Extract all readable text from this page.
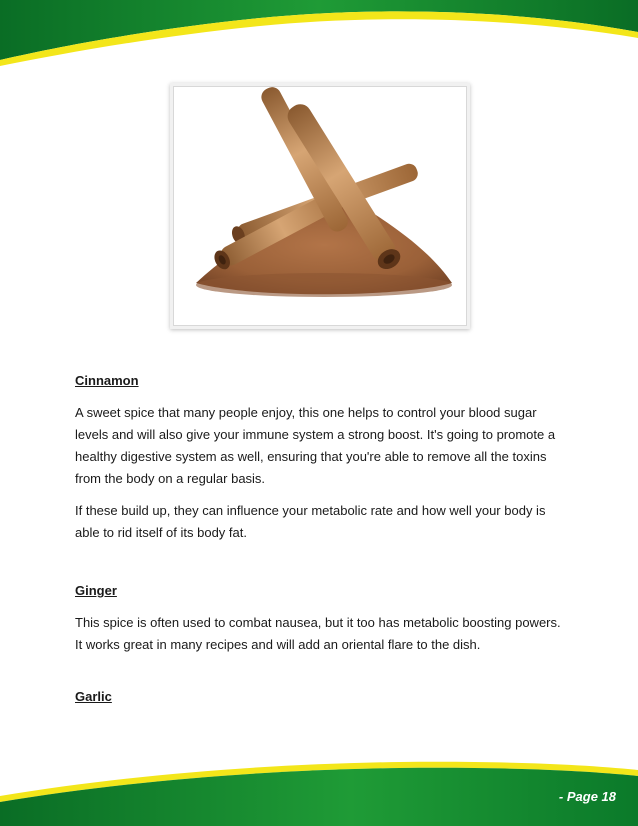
Cinnamon

A sweet spice that many people enjoy, this one helps to control your blood sugar levels and will also give your immune system a strong boost. It's going to promote a healthy digestive system as well, ensuring that you're able to remove all the toxins from the body on a regular basis.

If these build up, they can influence your metabolic rate and how well your body is able to rid itself of its body fat.

Ginger

This spice is often used to combat nausea, but it too has metabolic boosting powers. It works great in many recipes and will add an oriental flare to the dish.

Garlic

- Page 18
